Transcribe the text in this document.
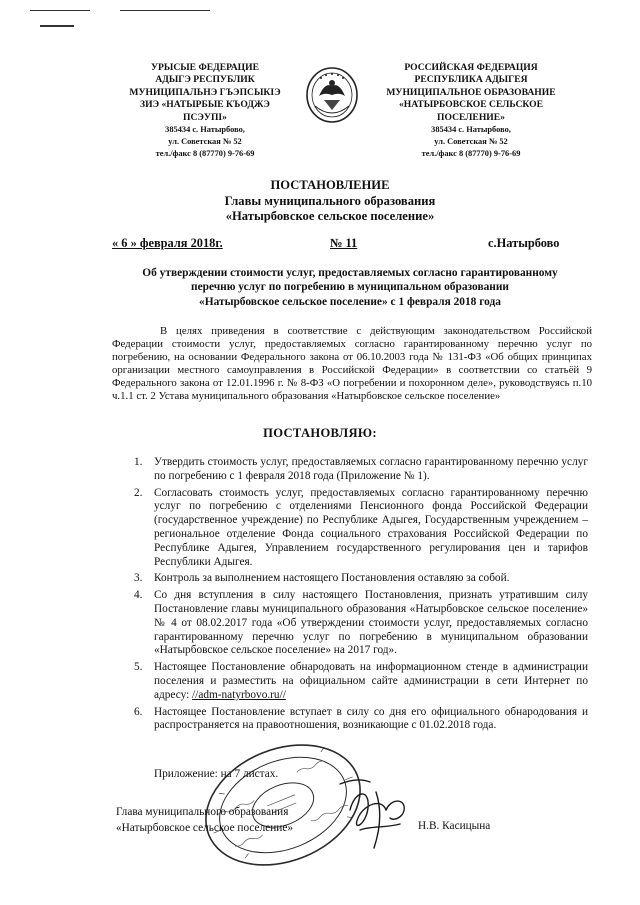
УРЫСЫЕ ФЕДЕРАЦИЕ
АДЫГЭ РЕСПУБЛИК
МУНИЦИПАЛЬНЭ ГЪЭПСЫКIЭ
ЗИЭ «НАТЫРБЫЕ КЪОДЖЭ
ПСЭУПI»
385434 с. Натырбово,
ул. Советская № 52
тел./факс 8 (87770) 9-76-69
РОССИЙСКАЯ ФЕДЕРАЦИЯ
РЕСПУБЛИКА АДЫГЕЯ
МУНИЦИПАЛЬНОЕ ОБРАЗОВАНИЕ
«НАТЫРБОВСКОЕ СЕЛЬСКОЕ
ПОСЕЛЕНИЕ»
385434 с. Натырбово,
ул. Советская № 52
тел./факс 8 (87770) 9-76-69
ПОСТАНОВЛЕНИЕ
Главы муниципального образования
«Натырбовское сельское поселение»
« 6 » февраля 2018г.	№ 11	с.Натырбово
Об утверждении стоимости услуг, предоставляемых согласно гарантированному
перечню услуг по погребению в муниципальном образовании
«Натырбовское сельское поселение» с 1 февраля 2018 года

В целях приведения в соответствие с действующим законодательством Российской Федерации стоимости услуг, предоставляемых согласно гарантированному перечню услуг по погребению, на основании Федерального закона от 06.10.2003 года № 131-ФЗ «Об общих принципах организации местного самоуправления в Российской Федерации» в соответствии со статьёй 9 Федерального закона от 12.01.1996 г. № 8-ФЗ «О погребении и похоронном деле», руководствуясь п.10 ч.1.1 ст. 2 Устава муниципального образования «Натырбовское сельское поселение»

ПОСТАНОВЛЯЮ:
1. Утвердить стоимость услуг, предоставляемых согласно гарантированному перечню услуг по погребению с 1 февраля 2018 года (Приложение № 1).
2. Согласовать стоимость услуг, предоставляемых согласно гарантированному перечню услуг по погребению с отделениями Пенсионного фонда Российской Федерации (государственное учреждение) по Республике Адыгея, Государственным учреждением – региональное отделение Фонда социального страхования Российской Федерации по Республике Адыгея, Управлением государственного регулирования цен и тарифов Республики Адыгея.
3. Контроль за выполнением настоящего Постановления оставляю за собой.
4. Со дня вступления в силу настоящего Постановления, признать утратившим силу Постановление главы муниципального образования «Натырбовское сельское поселение» № 4 от 08.02.2017 года «Об утверждении стоимости услуг, предоставляемых согласно гарантированному перечню услуг по погребению в муниципальном образовании «Натырбовское сельское поселение» на 2017 год».
5. Настоящее Постановление обнародовать на информационном стенде в администрации поселения и разместить на официальном сайте администрации в сети Интернет по адресу: //adm-natyrbovo.ru//
6. Настоящее Постановление вступает в силу со дня его официального обнародования и распространяется на правоотношения, возникающие с 01.02.2018 года.
Приложение: на 7 листах.
Глава муниципального образования
«Натырбовское сельское поселение»	Н.В. Касицына
